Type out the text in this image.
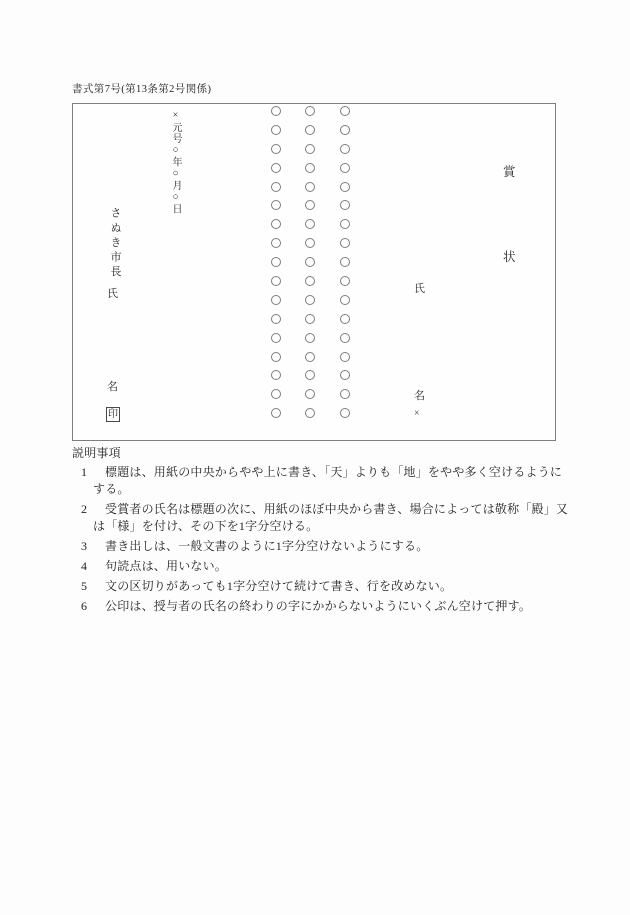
書式第7号(第13条第2号関係)
×元号○年○月○日
さぬき市長
氏
名
印
氏
名
×
賞
状
説明事項
1 標題は、用紙の中央からやや上に書き、「天」よりも「地」をやや多く空けるように
する。
2 受賞者の氏名は標題の次に、用紙のほぼ中央から書き、場合によっては敬称「殿」又
は「様」を付け、その下を1字分空ける。
3 書き出しは、一般文書のように1字分空けないようにする。
4 句読点は、用いない。
5 文の区切りがあっても1字分空けて続けて書き、行を改めない。
6 公印は、授与者の氏名の終わりの字にかからないようにいくぶん空けて押す。
